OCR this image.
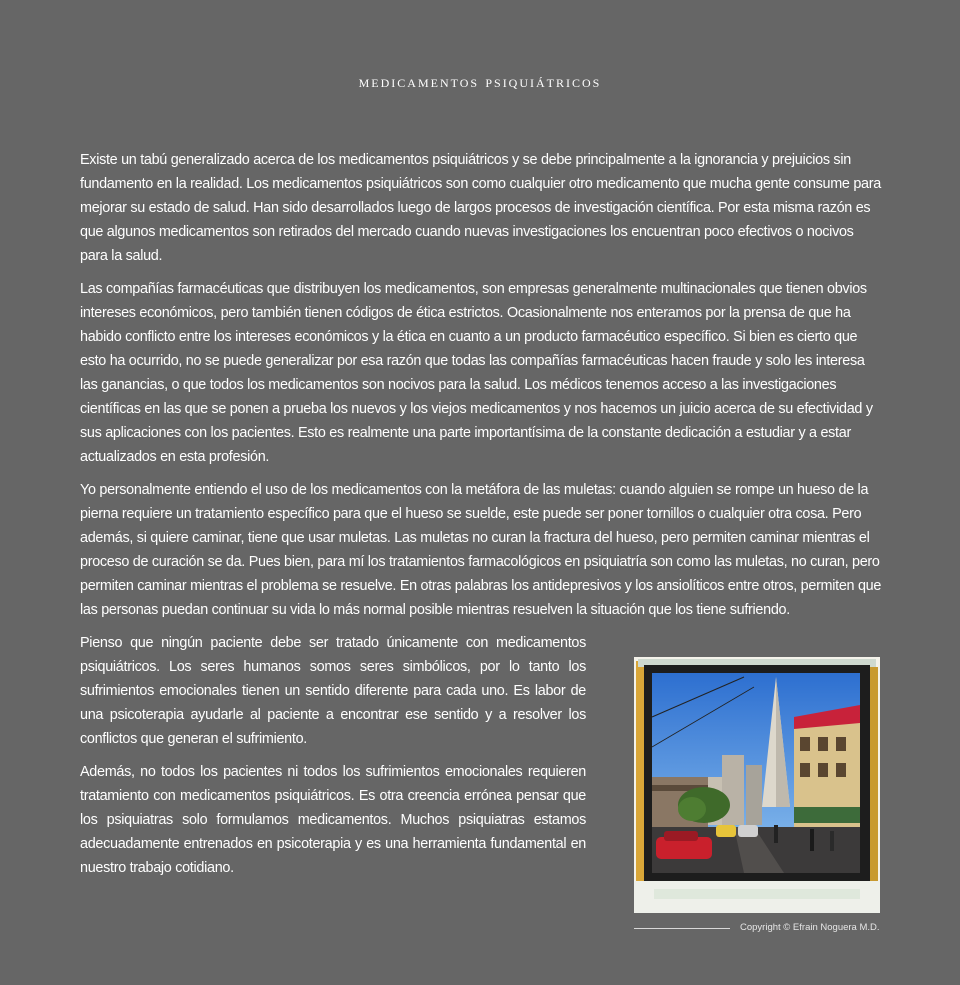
medicamentos psiquiátricos

Existe un tabú generalizado acerca de los medicamentos psiquiátricos y se debe principalmente a la ignorancia y prejuicios sin fundamento en la realidad. Los medicamentos psiquiátricos son como cualquier otro medicamento que mucha gente consume para mejorar su estado de salud. Han sido desarrollados luego de largos procesos de investigación científica. Por esta misma razón es que algunos medicamentos son retirados del mercado cuando nuevas investigaciones los encuentran poco efectivos o nocivos para la salud.

Las compañías farmacéuticas que distribuyen los medicamentos, son empresas generalmente multinacionales que tienen obvios intereses económicos, pero también tienen códigos de ética estrictos. Ocasionalmente nos enteramos por la prensa de que ha habido conflicto entre los intereses económicos y la ética en cuanto a un producto farmacéutico específico. Si bien es cierto que esto ha ocurrido, no se puede generalizar por esa razón que todas las compañías farmacéuticas hacen fraude y solo les interesa las ganancias, o que todos los medicamentos son nocivos para la salud. Los médicos tenemos acceso a las investigaciones científicas en las que se ponen a prueba los nuevos y los viejos medicamentos y nos hacemos un juicio acerca de su efectividad y sus aplicaciones con los pacientes. Esto es realmente una parte importantísima de la constante dedicación a estudiar y a estar actualizados en esta profesión.

Yo personalmente entiendo el uso de los medicamentos con la metáfora de las muletas: cuando alguien se rompe un hueso de la pierna requiere un tratamiento específico para que el hueso se suelde, este puede ser poner tornillos o cualquier otra cosa. Pero además, si quiere caminar, tiene que usar muletas. Las muletas no curan la fractura del hueso, pero permiten caminar mientras el proceso de curación se da. Pues bien, para mí los tratamientos farmacológicos en psiquiatría son como las muletas, no curan, pero permiten caminar mientras el problema se resuelve. En otras palabras los antidepresivos y los ansiolíticos entre otros, permiten que las personas puedan continuar su vida lo más normal posible mientras resuelven la situación que los tiene sufriendo.

Pienso que ningún paciente debe ser tratado únicamente con medicamentos psiquiátricos. Los seres humanos somos seres simbólicos, por lo tanto los sufrimientos emocionales tienen un sentido diferente para cada uno. Es labor de una psicoterapia ayudarle al paciente a encontrar ese sentido y a resolver los conflictos que generan el sufrimiento.

Además, no todos los pacientes ni todos los sufrimientos emocionales requieren tratamiento con medicamentos psiquiátricos. Es otra creencia errónea pensar que los psiquiatras solo formulamos medicamentos. Muchos psiquiatras estamos adecuadamente entrenados en psicoterapia y es una herramienta fundamental en nuestro trabajo cotidiano.

Copyright © Efrain Noguera M.D.
